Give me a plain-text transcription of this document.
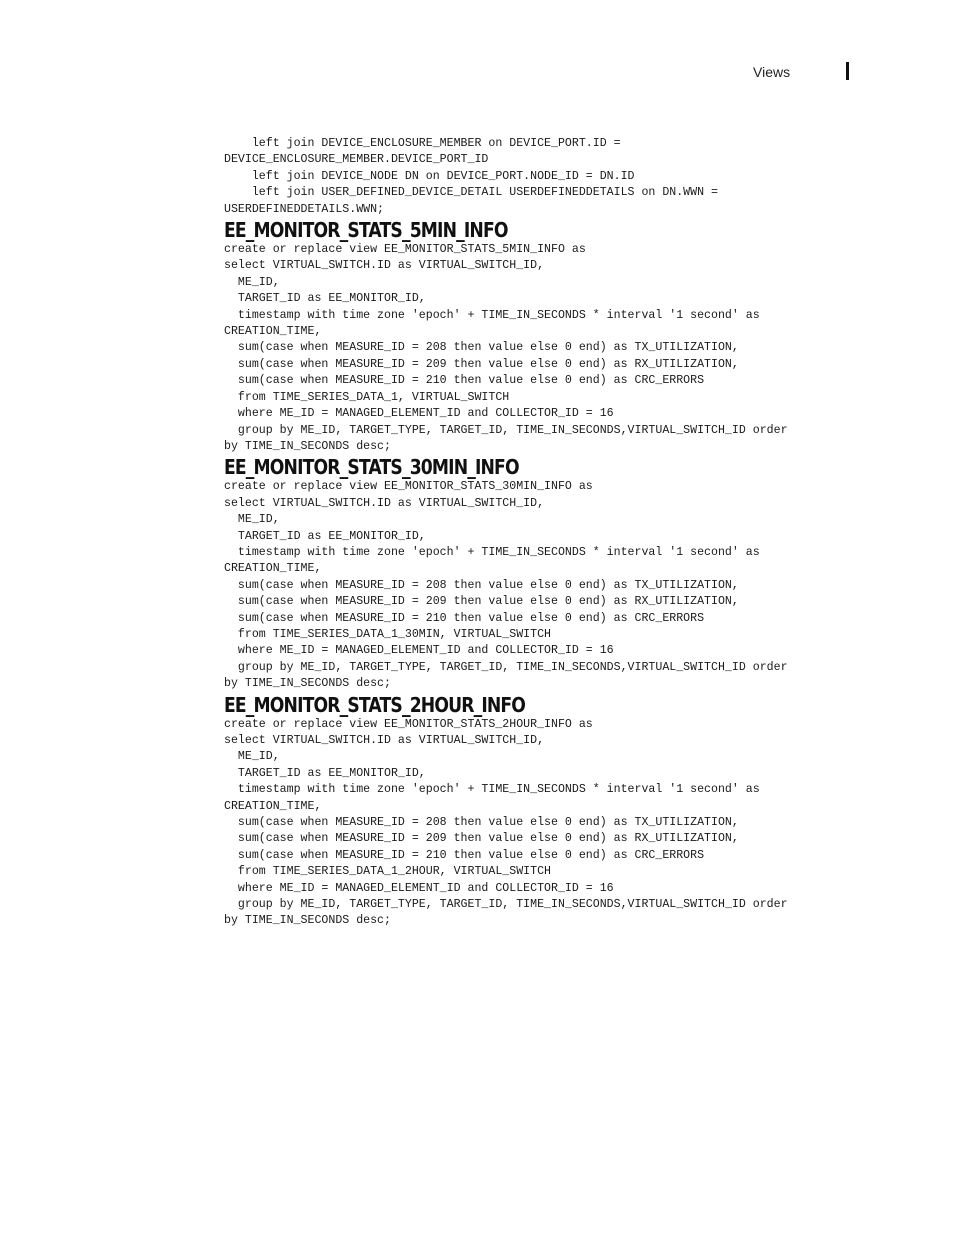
Views
left join DEVICE_ENCLOSURE_MEMBER on DEVICE_PORT.ID =
DEVICE_ENCLOSURE_MEMBER.DEVICE_PORT_ID
left join DEVICE_NODE DN on DEVICE_PORT.NODE_ID = DN.ID
left join USER_DEFINED_DEVICE_DETAIL USERDEFINEDDETAILS on DN.WWN =
USERDEFINEDDETAILS.WWN;
EE_MONITOR_STATS_5MIN_INFO
create or replace view EE_MONITOR_STATS_5MIN_INFO as
select VIRTUAL_SWITCH.ID as VIRTUAL_SWITCH_ID,
ME_ID,
TARGET_ID as EE_MONITOR_ID,
timestamp with time zone 'epoch' + TIME_IN_SECONDS * interval '1 second' as
CREATION_TIME,
sum(case when MEASURE_ID = 208 then value else 0 end) as TX_UTILIZATION,
sum(case when MEASURE_ID = 209 then value else 0 end) as RX_UTILIZATION,
sum(case when MEASURE_ID = 210 then value else 0 end) as CRC_ERRORS
from TIME_SERIES_DATA_1, VIRTUAL_SWITCH
where ME_ID = MANAGED_ELEMENT_ID and COLLECTOR_ID = 16
group by ME_ID, TARGET_TYPE, TARGET_ID, TIME_IN_SECONDS,VIRTUAL_SWITCH_ID order
by TIME_IN_SECONDS desc;
EE_MONITOR_STATS_30MIN_INFO
create or replace view EE_MONITOR_STATS_30MIN_INFO as
select VIRTUAL_SWITCH.ID as VIRTUAL_SWITCH_ID,
ME_ID,
TARGET_ID as EE_MONITOR_ID,
timestamp with time zone 'epoch' + TIME_IN_SECONDS * interval '1 second' as
CREATION_TIME,
sum(case when MEASURE_ID = 208 then value else 0 end) as TX_UTILIZATION,
sum(case when MEASURE_ID = 209 then value else 0 end) as RX_UTILIZATION,
sum(case when MEASURE_ID = 210 then value else 0 end) as CRC_ERRORS
from TIME_SERIES_DATA_1_30MIN, VIRTUAL_SWITCH
where ME_ID = MANAGED_ELEMENT_ID and COLLECTOR_ID = 16
group by ME_ID, TARGET_TYPE, TARGET_ID, TIME_IN_SECONDS,VIRTUAL_SWITCH_ID order
by TIME_IN_SECONDS desc;
EE_MONITOR_STATS_2HOUR_INFO
create or replace view EE_MONITOR_STATS_2HOUR_INFO as
select VIRTUAL_SWITCH.ID as VIRTUAL_SWITCH_ID,
ME_ID,
TARGET_ID as EE_MONITOR_ID,
timestamp with time zone 'epoch' + TIME_IN_SECONDS * interval '1 second' as
CREATION_TIME,
sum(case when MEASURE_ID = 208 then value else 0 end) as TX_UTILIZATION,
sum(case when MEASURE_ID = 209 then value else 0 end) as RX_UTILIZATION,
sum(case when MEASURE_ID = 210 then value else 0 end) as CRC_ERRORS
from TIME_SERIES_DATA_1_2HOUR, VIRTUAL_SWITCH
where ME_ID = MANAGED_ELEMENT_ID and COLLECTOR_ID = 16
group by ME_ID, TARGET_TYPE, TARGET_ID, TIME_IN_SECONDS,VIRTUAL_SWITCH_ID order
by TIME_IN_SECONDS desc;
